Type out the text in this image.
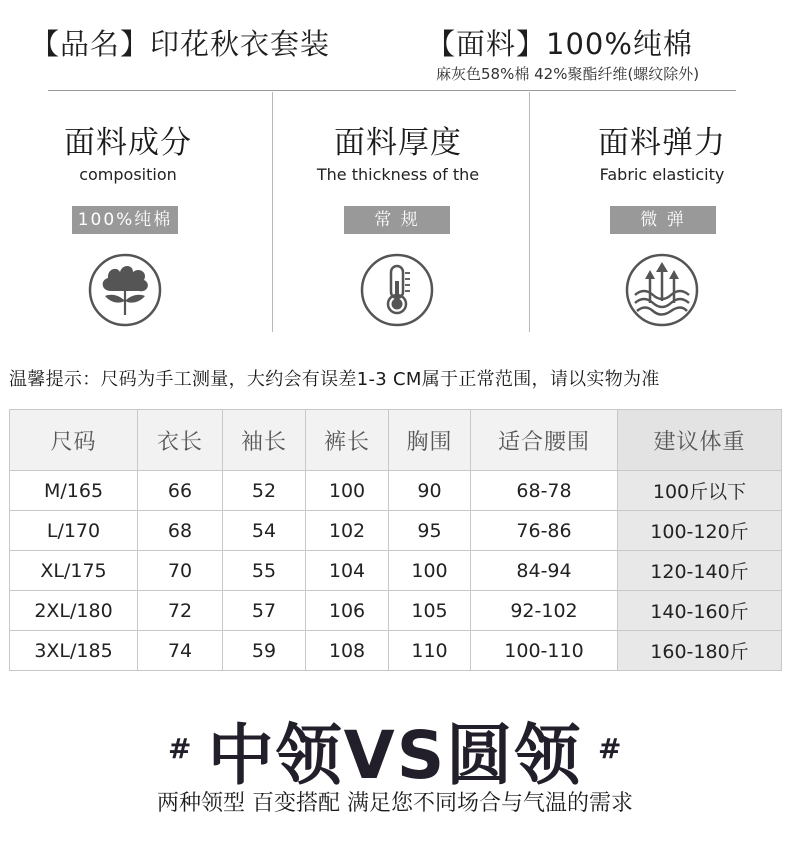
【品名】印花秋衣套装	【面料】100%纯棉
麻灰色58%棉 42%聚酯纤维(螺纹除外)
面料成分
composition
100%纯棉
面料厚度
The thickness of the
常 规
面料弹力
Fabric elasticity
微 弹
温馨提示：尺码为手工测量，大约会有误差1-3 CM属于正常范围，请以实物为准
尺码	衣长	袖长	裤长	胸围	适合腰围	建议体重
M/165	66	52	100	90	68-78	100斤以下
L/170	68	54	102	95	76-86	100-120斤
XL/175	70	55	104	100	84-94	120-140斤
2XL/180	72	57	106	105	92-102	140-160斤
3XL/185	74	59	108	110	100-110	160-180斤
# 中领VS圆领 #
两种领型 百变搭配 满足您不同场合与气温的需求
